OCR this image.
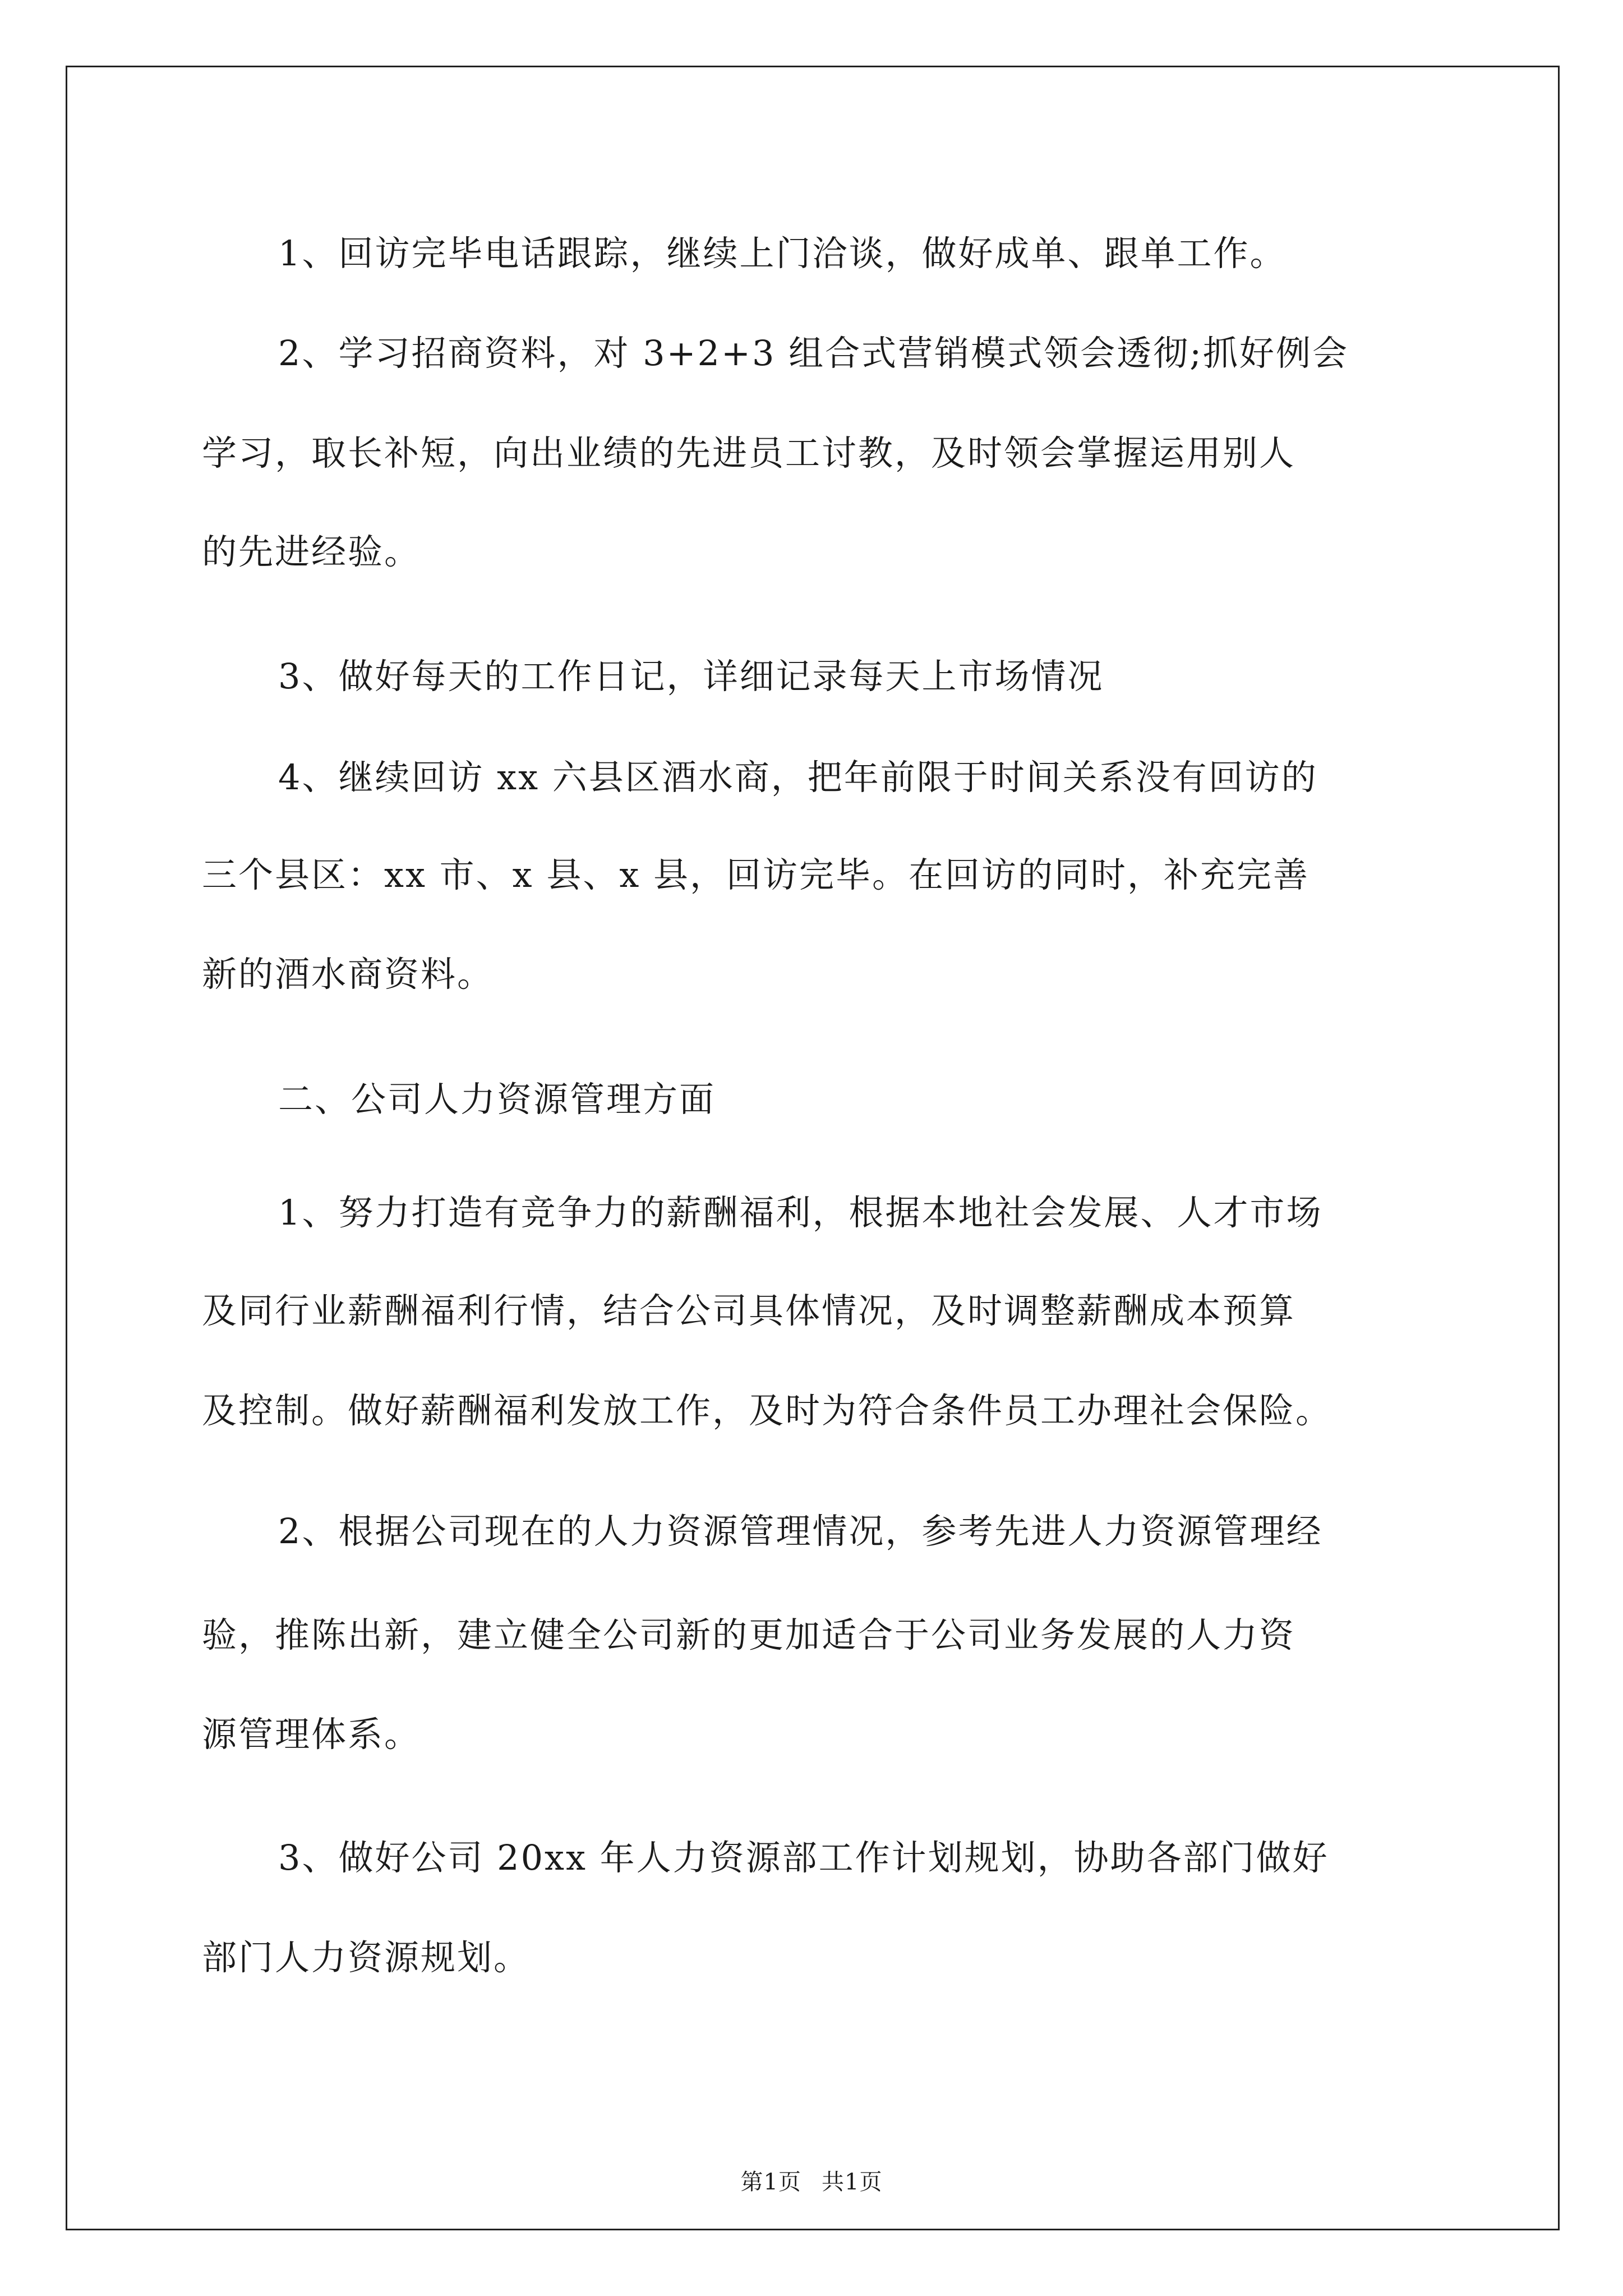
1、回访完毕电话跟踪，继续上门洽谈，做好成单、跟单工作。
2、学习招商资料，对 3+2+3 组合式营销模式领会透彻;抓好例会
学习，取长补短，向出业绩的先进员工讨教，及时领会掌握运用别人
的先进经验。
3、做好每天的工作日记，详细记录每天上市场情况
4、继续回访 xx 六县区酒水商，把年前限于时间关系没有回访的
三个县区：xx 市、x 县、x 县，回访完毕。在回访的同时，补充完善
新的酒水商资料。
二、公司人力资源管理方面
1、努力打造有竞争力的薪酬福利，根据本地社会发展、人才市场
及同行业薪酬福利行情，结合公司具体情况，及时调整薪酬成本预算
及控制。做好薪酬福利发放工作，及时为符合条件员工办理社会保险。
2、根据公司现在的人力资源管理情况，参考先进人力资源管理经
验，推陈出新，建立健全公司新的更加适合于公司业务发展的人力资
源管理体系。
3、做好公司 20xx 年人力资源部工作计划规划，协助各部门做好
部门人力资源规划。
第1页 共1页
